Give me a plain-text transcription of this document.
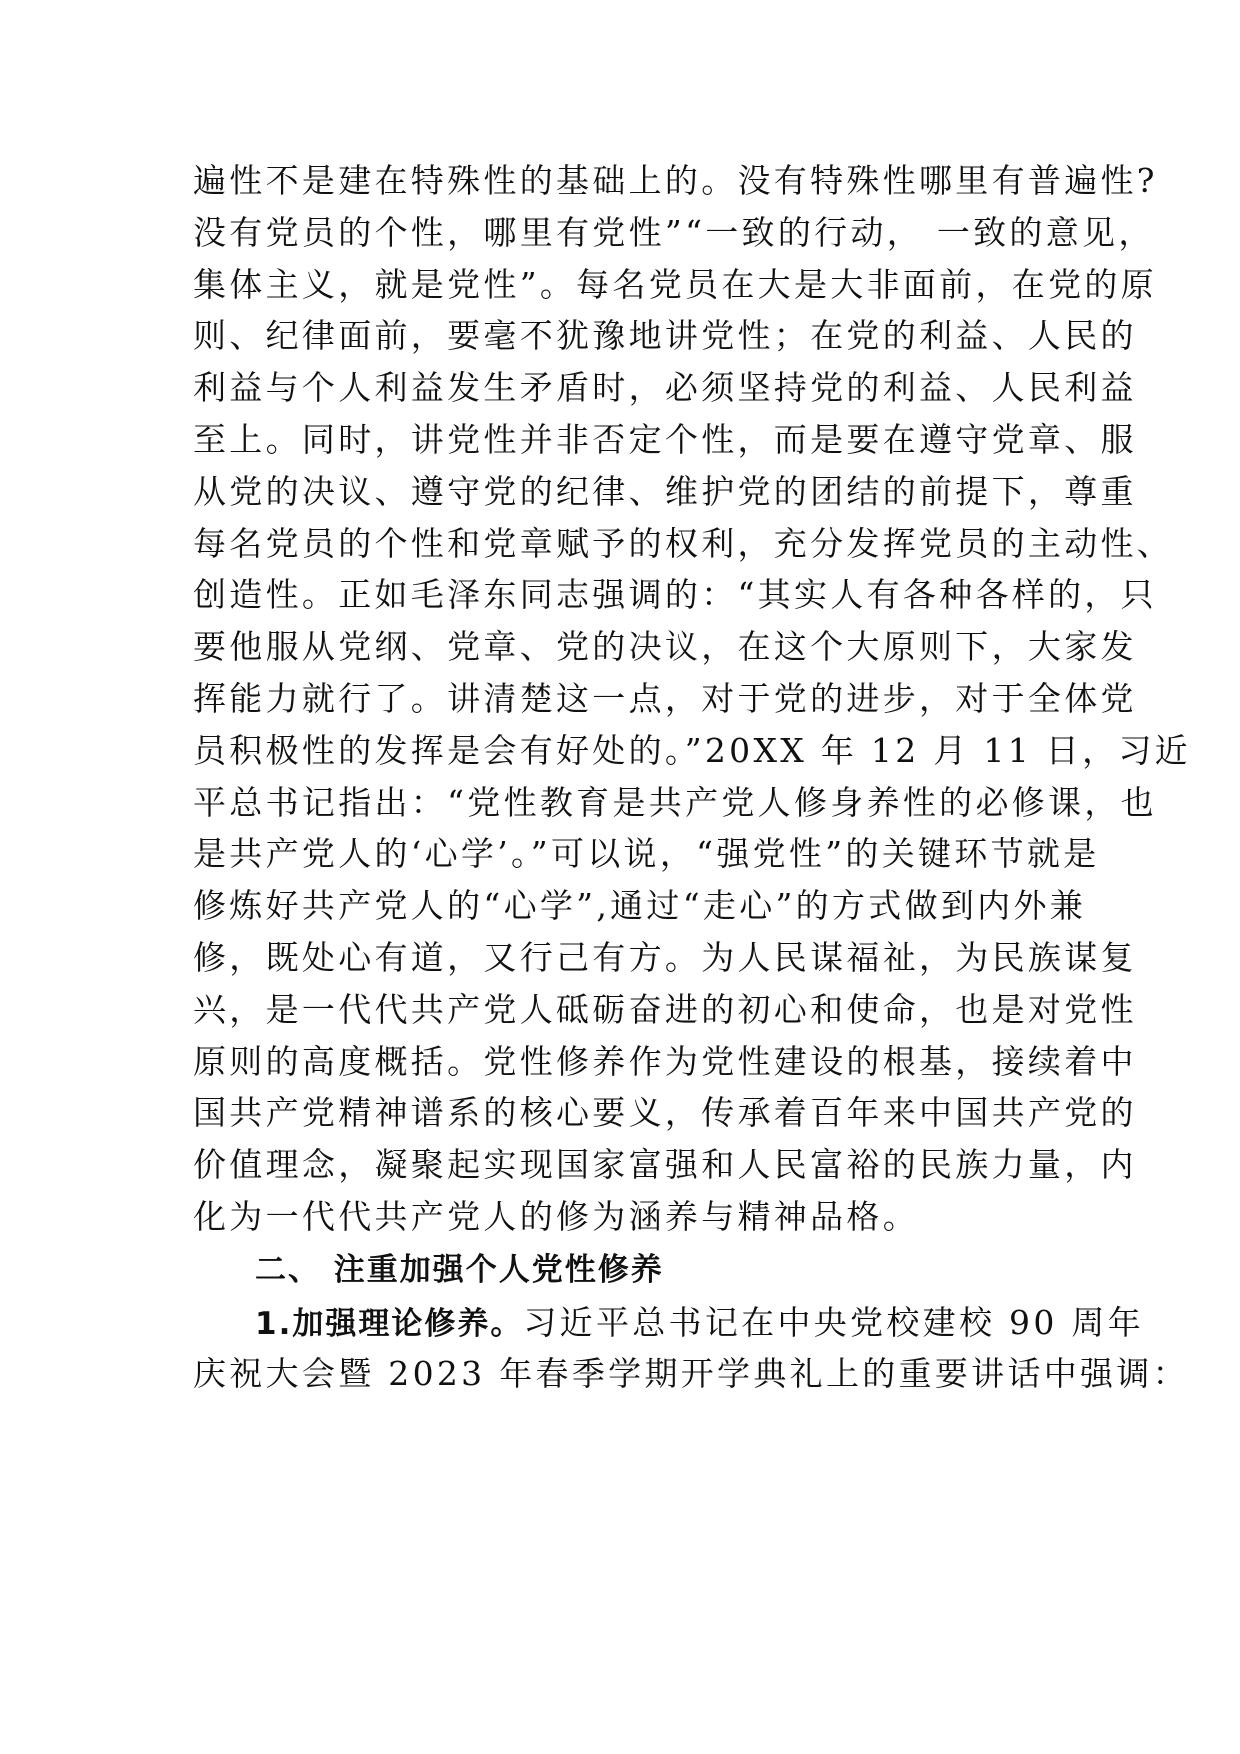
遍性不是建在特殊性的基础上的。没有特殊性哪里有普遍性?
没有党员的个性，哪里有党性”“一致的行动， 一致的意见，
集体主义，就是党性”。每名党员在大是大非面前，在党的原
则、纪律面前，要毫不犹豫地讲党性；在党的利益、人民的
利益与个人利益发生矛盾时，必须坚持党的利益、人民利益
至上。同时，讲党性并非否定个性，而是要在遵守党章、服
从党的决议、遵守党的纪律、维护党的团结的前提下，尊重
每名党员的个性和党章赋予的权利，充分发挥党员的主动性、
创造性。正如毛泽东同志强调的：“其实人有各种各样的，只
要他服从党纲、党章、党的决议，在这个大原则下，大家发
挥能力就行了。讲清楚这一点，对于党的进步，对于全体党
员积极性的发挥是会有好处的。”20XX 年 12 月 11 日，习近
平总书记指出：“党性教育是共产党人修身养性的必修课，也
是共产党人的‘心学’。”可以说，“强党性”的关键环节就是
修炼好共产党人的“心学”,通过“走心”的方式做到内外兼
修，既处心有道，又行己有方。为人民谋福祉，为民族谋复
兴，是一代代共产党人砥砺奋进的初心和使命，也是对党性
原则的高度概括。党性修养作为党性建设的根基，接续着中
国共产党精神谱系的核心要义，传承着百年来中国共产党的
价值理念，凝聚起实现国家富强和人民富裕的民族力量，内
化为一代代共产党人的修为涵养与精神品格。
二、 注重加强个人党性修养
1.加强理论修养。习近平总书记在中央党校建校 90 周年
庆祝大会暨 2023 年春季学期开学典礼上的重要讲话中强调：
